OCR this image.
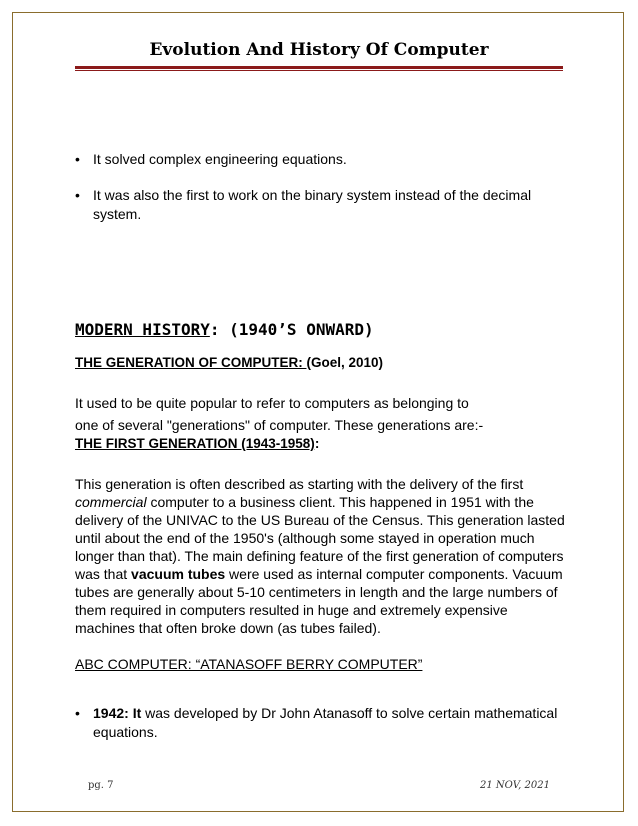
Evolution And History Of Computer
• It solved complex engineering equations.
• It was also the first to work on the binary system instead of the decimal system.
MODERN HISTORY: (1940’S ONWARD)
THE GENERATION OF COMPUTER: (Goel, 2010)
It used to be quite popular to refer to computers as belonging to
one of several "generations" of computer. These generations are:-
THE FIRST GENERATION (1943-1958):
This generation is often described as starting with the delivery of the first commercial computer to a business client. This happened in 1951 with the delivery of the UNIVAC to the US Bureau of the Census. This generation lasted until about the end of the 1950's (although some stayed in operation much longer than that). The main defining feature of the first generation of computers was that vacuum tubes were used as internal computer components. Vacuum tubes are generally about 5-10 centimeters in length and the large numbers of them required in computers resulted in huge and extremely expensive machines that often broke down (as tubes failed).
ABC COMPUTER: “ATANASOFF BERRY COMPUTER”
• 1942: It was developed by Dr John Atanasoff to solve certain mathematical equations.
pg. 7	21 NOV, 2021
